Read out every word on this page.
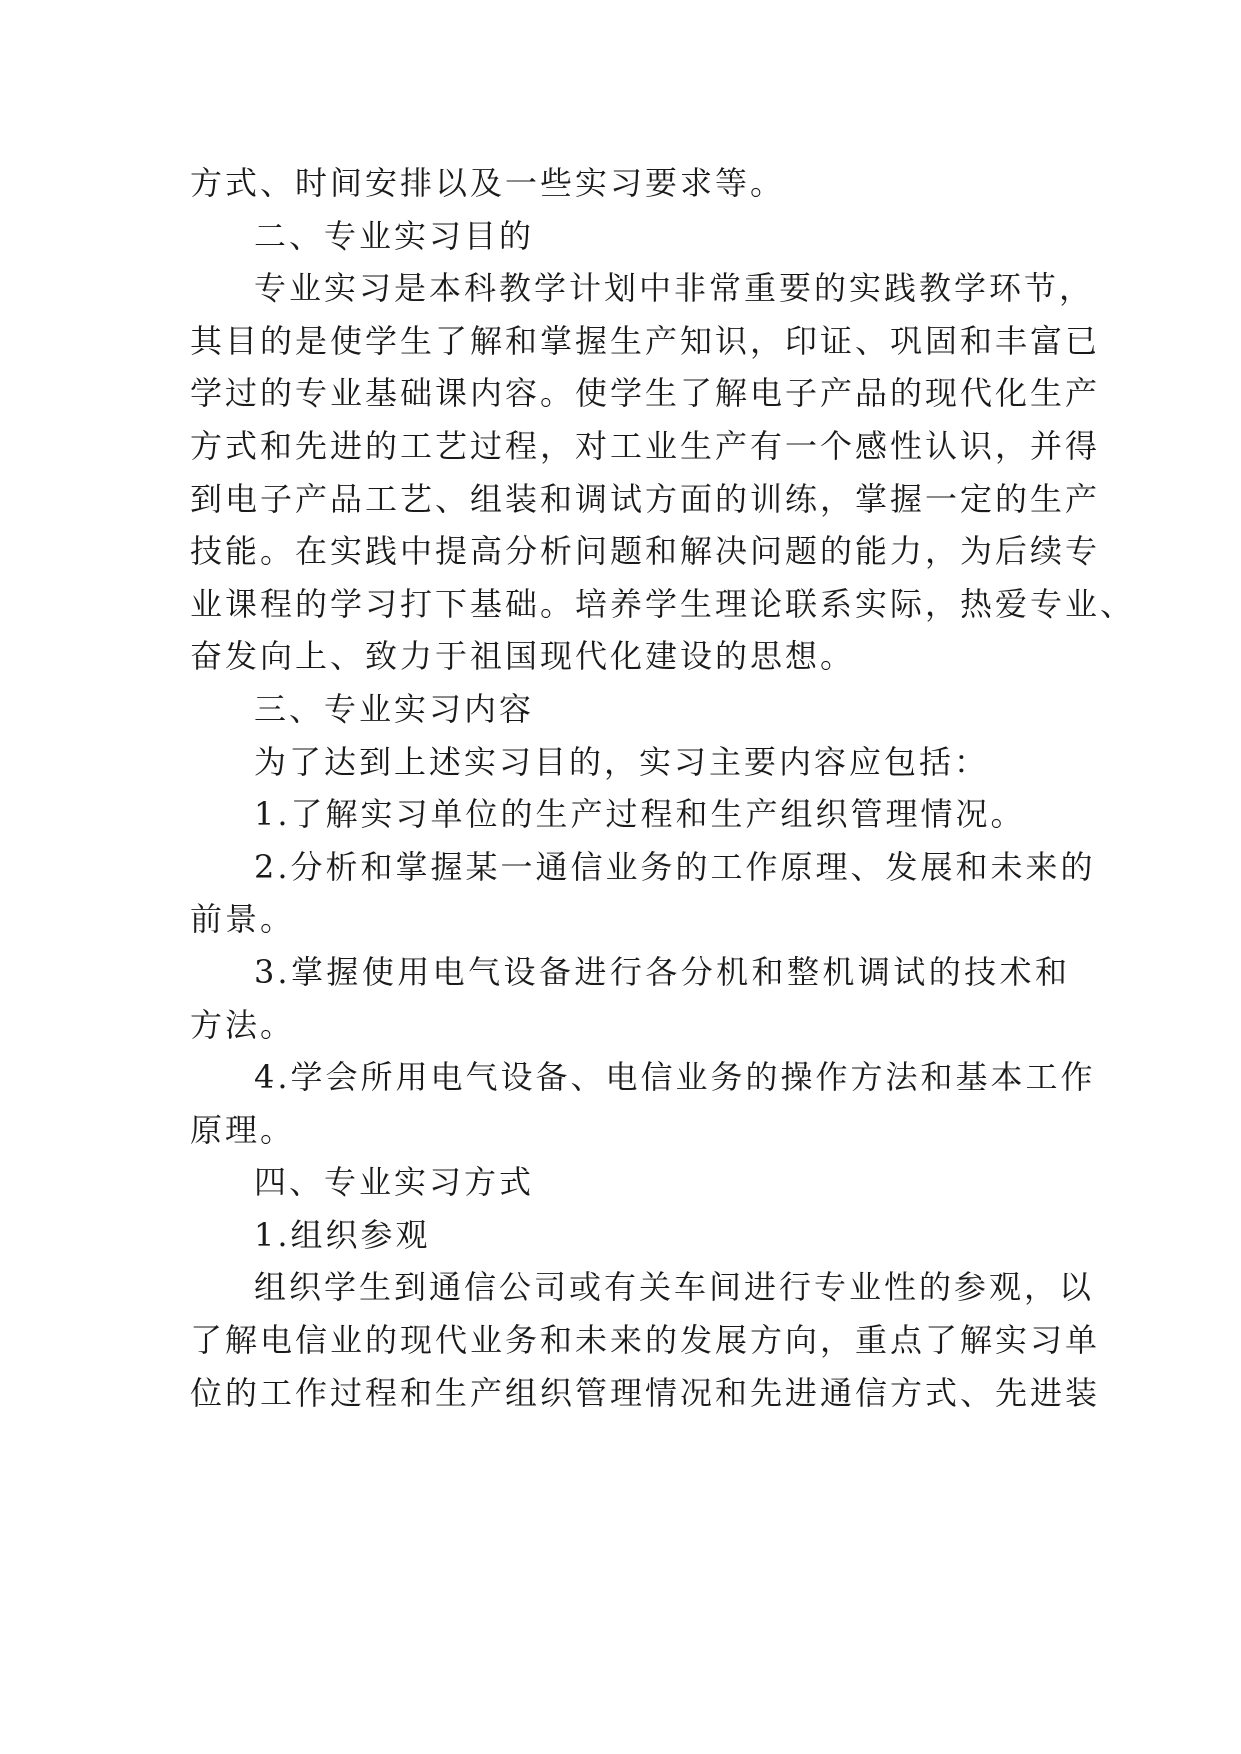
方式、时间安排以及一些实习要求等。
二、专业实习目的
专业实习是本科教学计划中非常重要的实践教学环节，
其目的是使学生了解和掌握生产知识，印证、巩固和丰富已
学过的专业基础课内容。使学生了解电子产品的现代化生产
方式和先进的工艺过程，对工业生产有一个感性认识，并得
到电子产品工艺、组装和调试方面的训练，掌握一定的生产
技能。在实践中提高分析问题和解决问题的能力，为后续专
业课程的学习打下基础。培养学生理论联系实际，热爱专业、
奋发向上、致力于祖国现代化建设的思想。
三、专业实习内容
为了达到上述实习目的，实习主要内容应包括：
1.了解实习单位的生产过程和生产组织管理情况。
2.分析和掌握某一通信业务的工作原理、发展和未来的
前景。
3.掌握使用电气设备进行各分机和整机调试的技术和
方法。
4.学会所用电气设备、电信业务的操作方法和基本工作
原理。
四、专业实习方式
1.组织参观
组织学生到通信公司或有关车间进行专业性的参观，以
了解电信业的现代业务和未来的发展方向，重点了解实习单
位的工作过程和生产组织管理情况和先进通信方式、先进装
